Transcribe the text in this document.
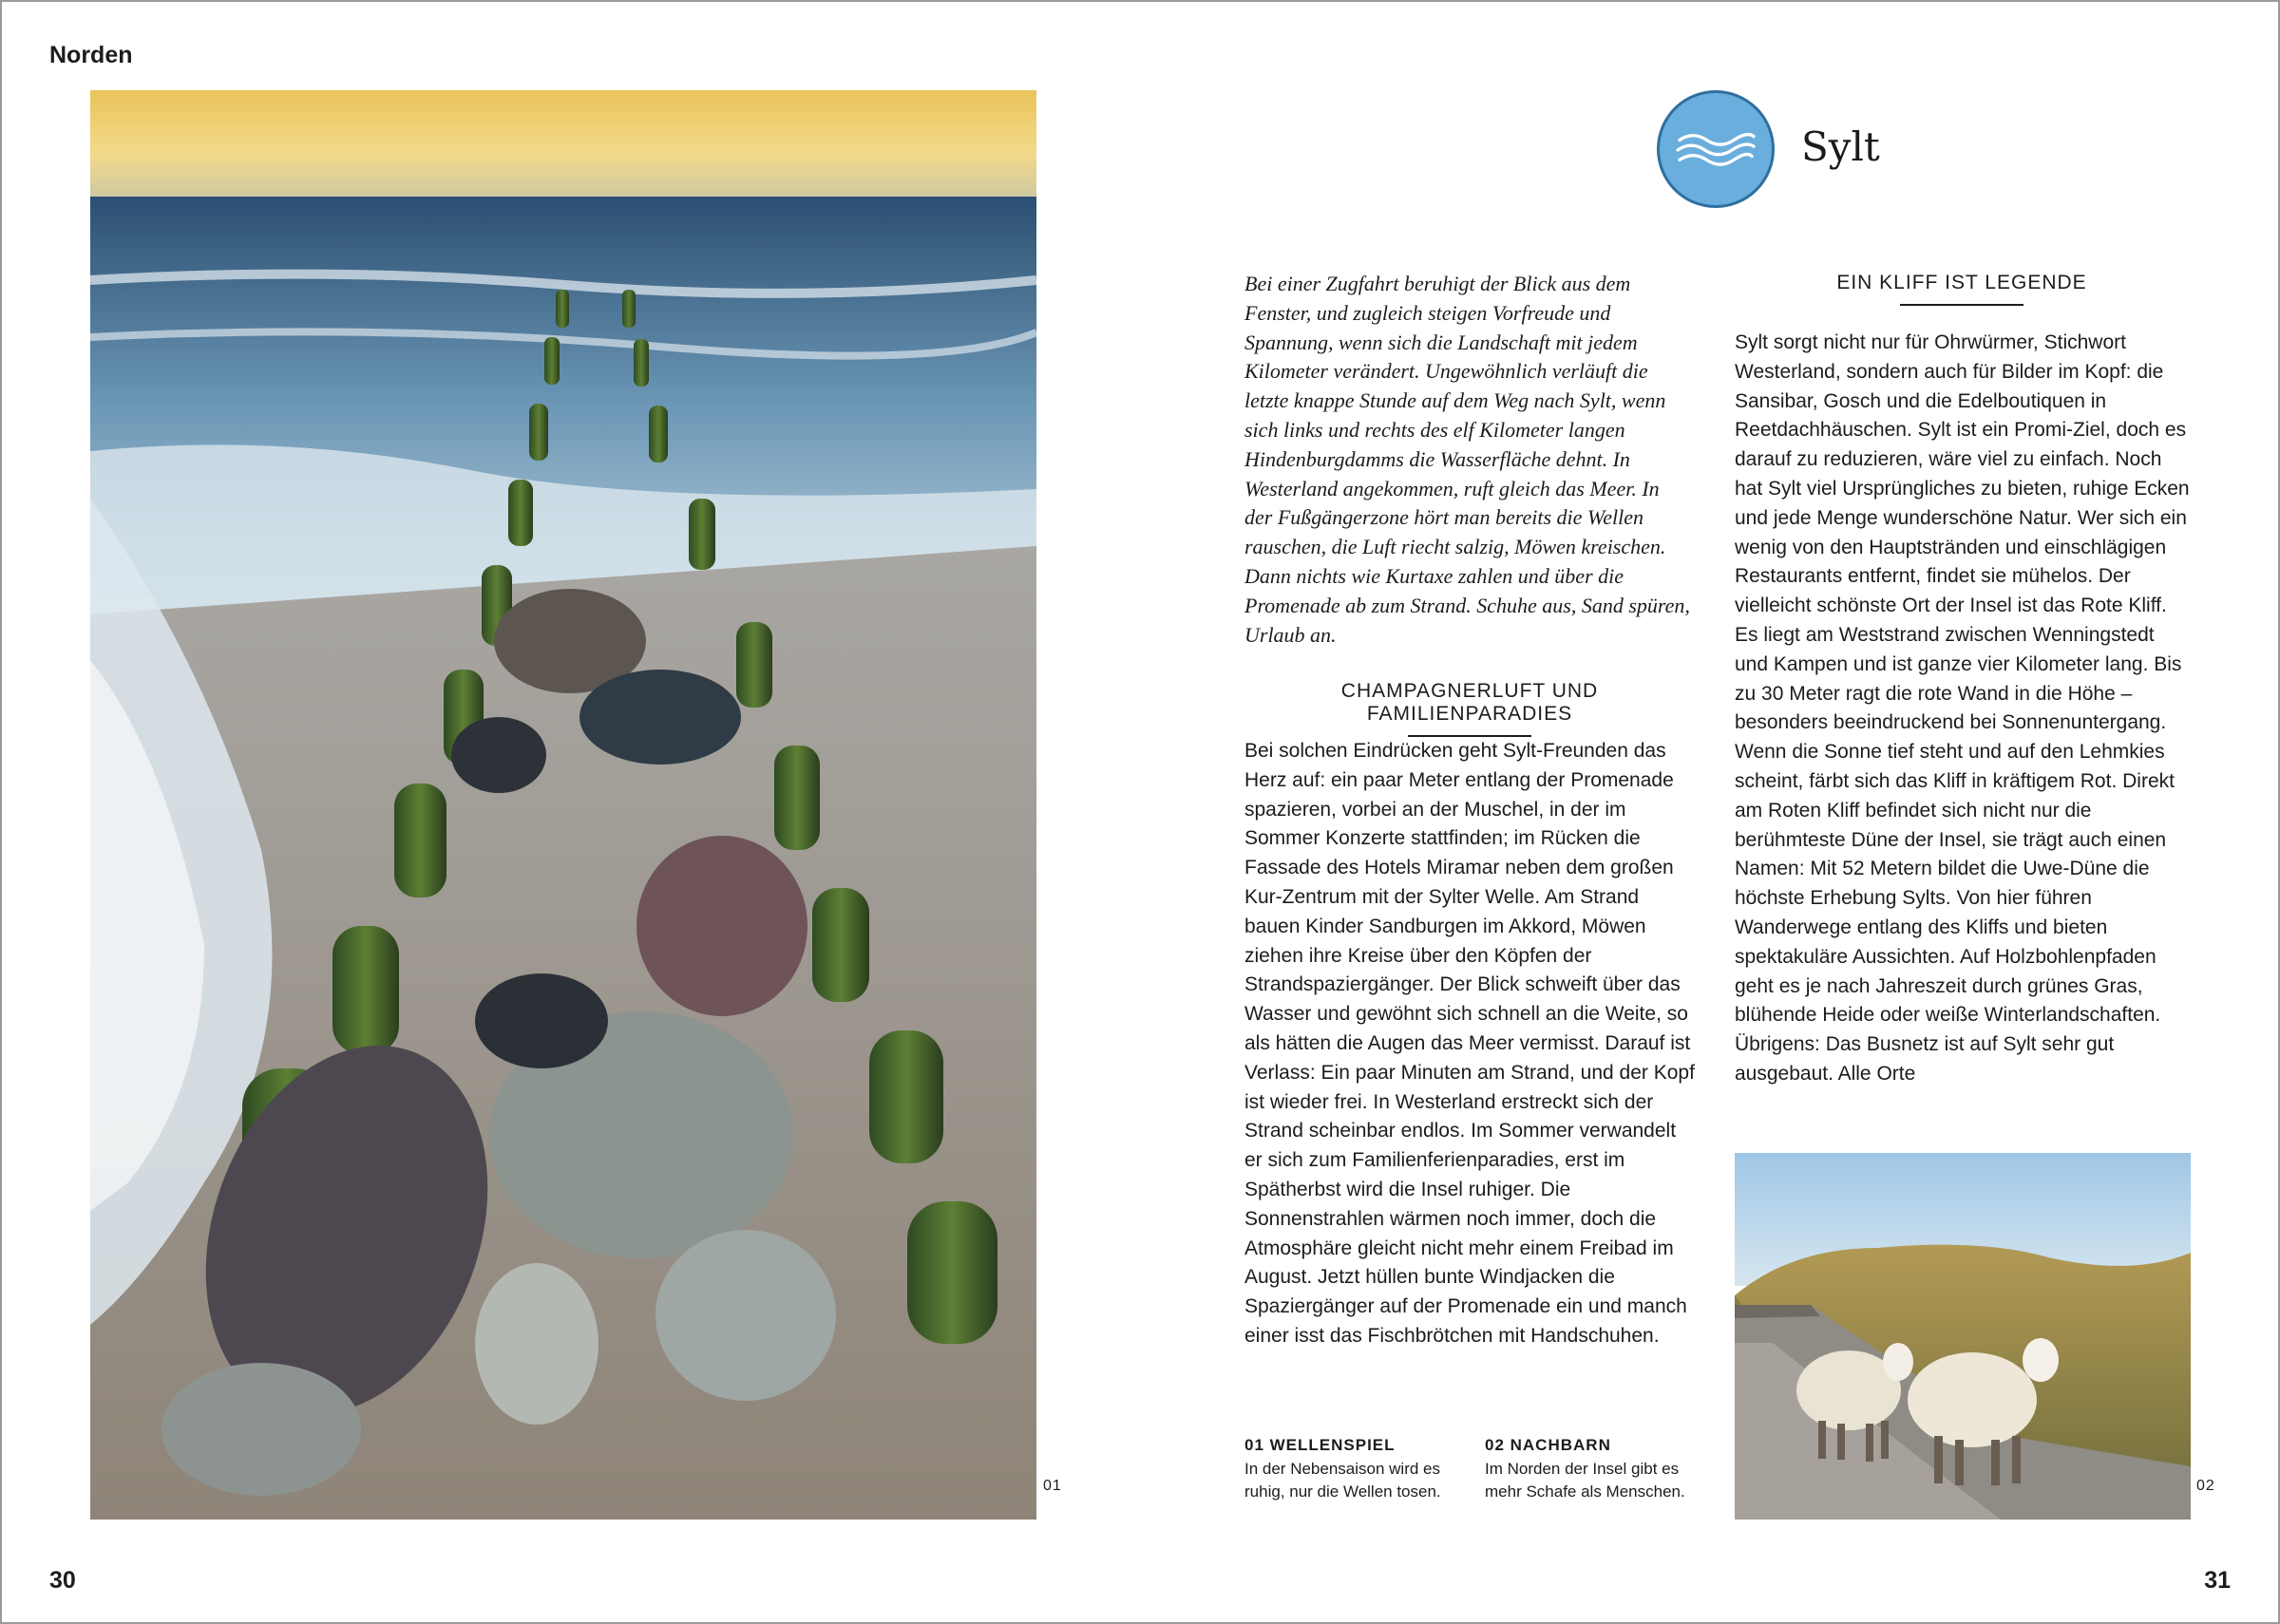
Norden
01
Sylt

Bei einer Zugfahrt beruhigt der Blick aus dem Fenster, und zugleich steigen Vorfreude und Spannung, wenn sich die Landschaft mit jedem Kilometer verändert. Ungewöhnlich verläuft die letzte knappe Stunde auf dem Weg nach Sylt, wenn sich links und rechts des elf Kilometer langen Hindenburgdamms die Wasserfläche dehnt. In Westerland angekommen, ruft gleich das Meer. In der Fußgängerzone hört man bereits die Wellen rauschen, die Luft riecht salzig, Möwen kreischen. Dann nichts wie Kurtaxe zahlen und über die Promenade ab zum Strand. Schuhe aus, Sand spüren, Urlaub an.

CHAMPAGNERLUFT UND FAMILIENPARADIES

Bei solchen Eindrücken geht Sylt-Freunden das Herz auf: ein paar Meter entlang der Promenade spazieren, vorbei an der Muschel, in der im Sommer Konzerte stattfinden; im Rücken die Fassade des Hotels Miramar neben dem großen Kur-Zentrum mit der Sylter Welle. Am Strand bauen Kinder Sandburgen im Akkord, Möwen ziehen ihre Kreise über den Köpfen der Strandspaziergänger. Der Blick schweift über das Wasser und gewöhnt sich schnell an die Weite, so als hätten die Augen das Meer vermisst. Darauf ist Verlass: Ein paar Minuten am Strand, und der Kopf ist wieder frei. In Westerland erstreckt sich der Strand scheinbar endlos. Im Sommer verwandelt er sich zum Familienferienparadies, erst im Spätherbst wird die Insel ruhiger. Die Sonnenstrahlen wärmen noch immer, doch die Atmosphäre gleicht nicht mehr einem Freibad im August. Jetzt hüllen bunte Windjacken die Spaziergänger auf der Promenade ein und manch einer isst das Fischbrötchen mit Handschuhen.

EIN KLIFF IST LEGENDE

Sylt sorgt nicht nur für Ohrwürmer, Stichwort Westerland, sondern auch für Bilder im Kopf: die Sansibar, Gosch und die Edelboutiquen in Reetdachhäuschen. Sylt ist ein Promi-Ziel, doch es darauf zu reduzieren, wäre viel zu einfach. Noch hat Sylt viel Ursprüngliches zu bieten, ruhige Ecken und jede Menge wunderschöne Natur. Wer sich ein wenig von den Hauptstränden und einschlägigen Restaurants entfernt, findet sie mühelos. Der vielleicht schönste Ort der Insel ist das Rote Kliff. Es liegt am Weststrand zwischen Wenningstedt und Kampen und ist ganze vier Kilometer lang. Bis zu 30 Meter ragt die rote Wand in die Höhe – besonders beeindruckend bei Sonnenuntergang. Wenn die Sonne tief steht und auf den Lehmkies scheint, färbt sich das Kliff in kräftigem Rot. Direkt am Roten Kliff befindet sich nicht nur die berühmteste Düne der Insel, sie trägt auch einen Namen: Mit 52 Metern bildet die Uwe-Düne die höchste Erhebung Sylts. Von hier führen Wanderwege entlang des Kliffs und bieten spektakuläre Aussichten. Auf Holzbohlenpfaden geht es je nach Jahreszeit durch grünes Gras, blühende Heide oder weiße Winterlandschaften. Übrigens: Das Busnetz ist auf Sylt sehr gut ausgebaut. Alle Orte

01 WELLENSPIEL
In der Nebensaison wird es ruhig, nur die Wellen tosen.
02 NACHBARN
Im Norden der Insel gibt es mehr Schafe als Menschen.	02
30	31
